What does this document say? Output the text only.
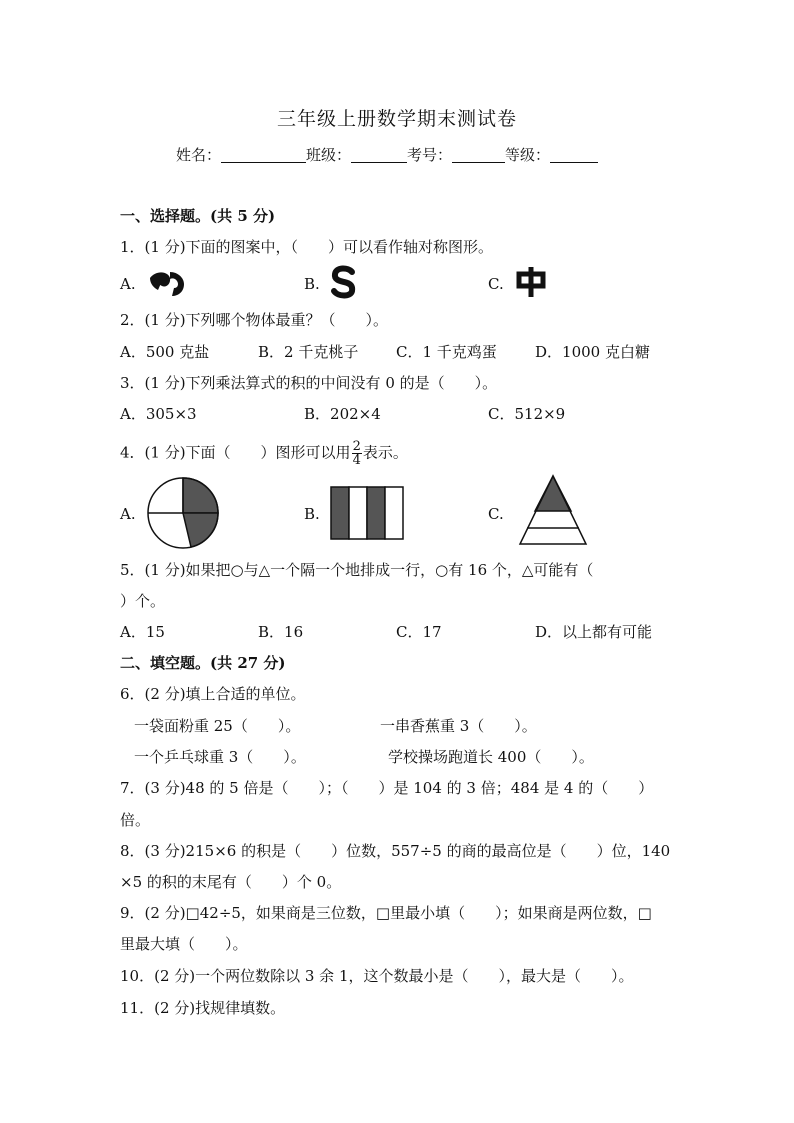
三年级上册数学期末测试卷
姓名：	班级：	考号：	等级：
一、选择题。(共 5 分)
1．(1 分)下面的图案中，（　　）可以看作轴对称图形。
A.	B.	C.
2．(1 分)下列哪个物体最重？（　　）。
A．500 克盐	B．2 千克桃子	C．1 千克鸡蛋	D．1000 克白糖
3．(1 分)下列乘法算式的积的中间没有 0 的是（　　）。
A．305×3	B．202×4	C．512×9
4．(1 分)下面（　　）图形可以用 $\frac{2}{4}$ 表示。
A.	B.	C.
5．(1 分)如果把○与△一个隔一个地排成一行，○有 16 个，△可能有（
）个。
A．15	B．16	C．17	D．以上都有可能
二、填空题。(共 27 分)
6．(2 分)填上合适的单位。
一袋面粉重 25（　　）。	一串香蕉重 3（　　）。
一个乒乓球重 3（　　）。	学校操场跑道长 400（　　）。
7．(3 分)48 的 5 倍是（　　）；（　　）是 104 的 3 倍；484 是 4 的（　　）
倍。
8．(3 分)215×6 的积是（　　）位数，557÷5 的商的最高位是（　　）位，140
×5 的积的末尾有（　　）个 0。
9．(2 分)□42÷5，如果商是三位数，□里最小填（　　）；如果商是两位数，□
里最大填（　　）。
10．(2 分)一个两位数除以 3 余 1，这个数最小是（　　），最大是（　　）。
11．(2 分)找规律填数。
